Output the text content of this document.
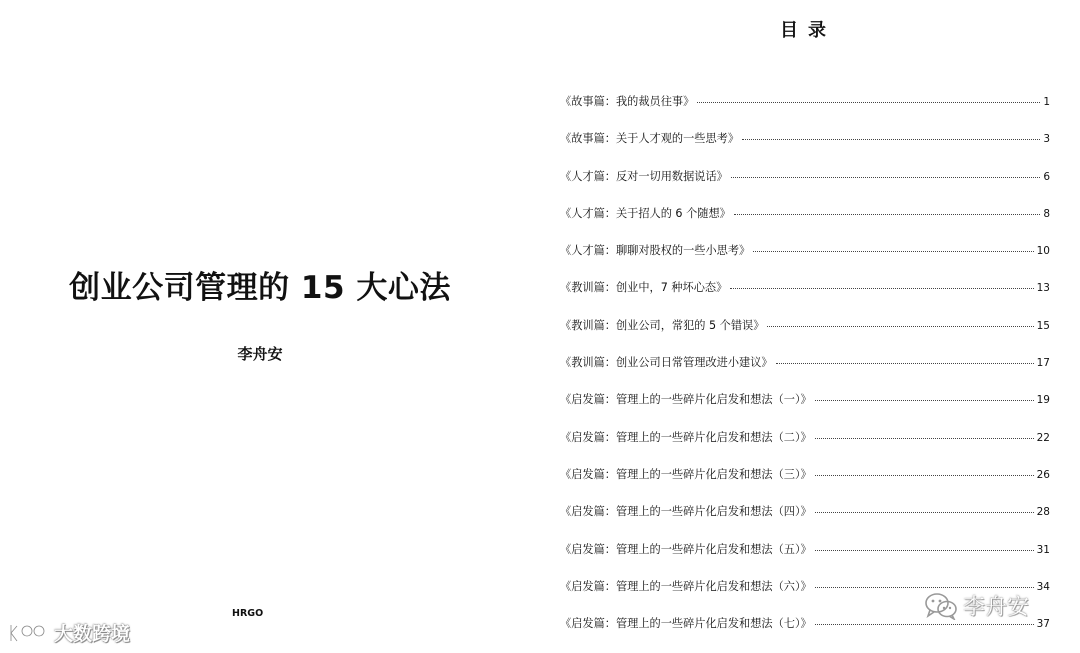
创业公司管理的 15 大心法
李舟安
HRGO
大数跨境
目录
《故事篇：我的裁员往事》	1
《故事篇：关于人才观的一些思考》	3
《人才篇：反对一切用数据说话》	6
《人才篇：关于招人的 6 个随想》	8
《人才篇：聊聊对股权的一些小思考》	10
《教训篇：创业中，7 种坏心态》	13
《教训篇：创业公司，常犯的 5 个错误》	15
《教训篇：创业公司日常管理改进小建议》	17
《启发篇：管理上的一些碎片化启发和想法（一）》	19
《启发篇：管理上的一些碎片化启发和想法（二）》	22
《启发篇：管理上的一些碎片化启发和想法（三）》	26
《启发篇：管理上的一些碎片化启发和想法（四）》	28
《启发篇：管理上的一些碎片化启发和想法（五）》	31
《启发篇：管理上的一些碎片化启发和想法（六）》	34
《启发篇：管理上的一些碎片化启发和想法（七）》	37
李舟安
